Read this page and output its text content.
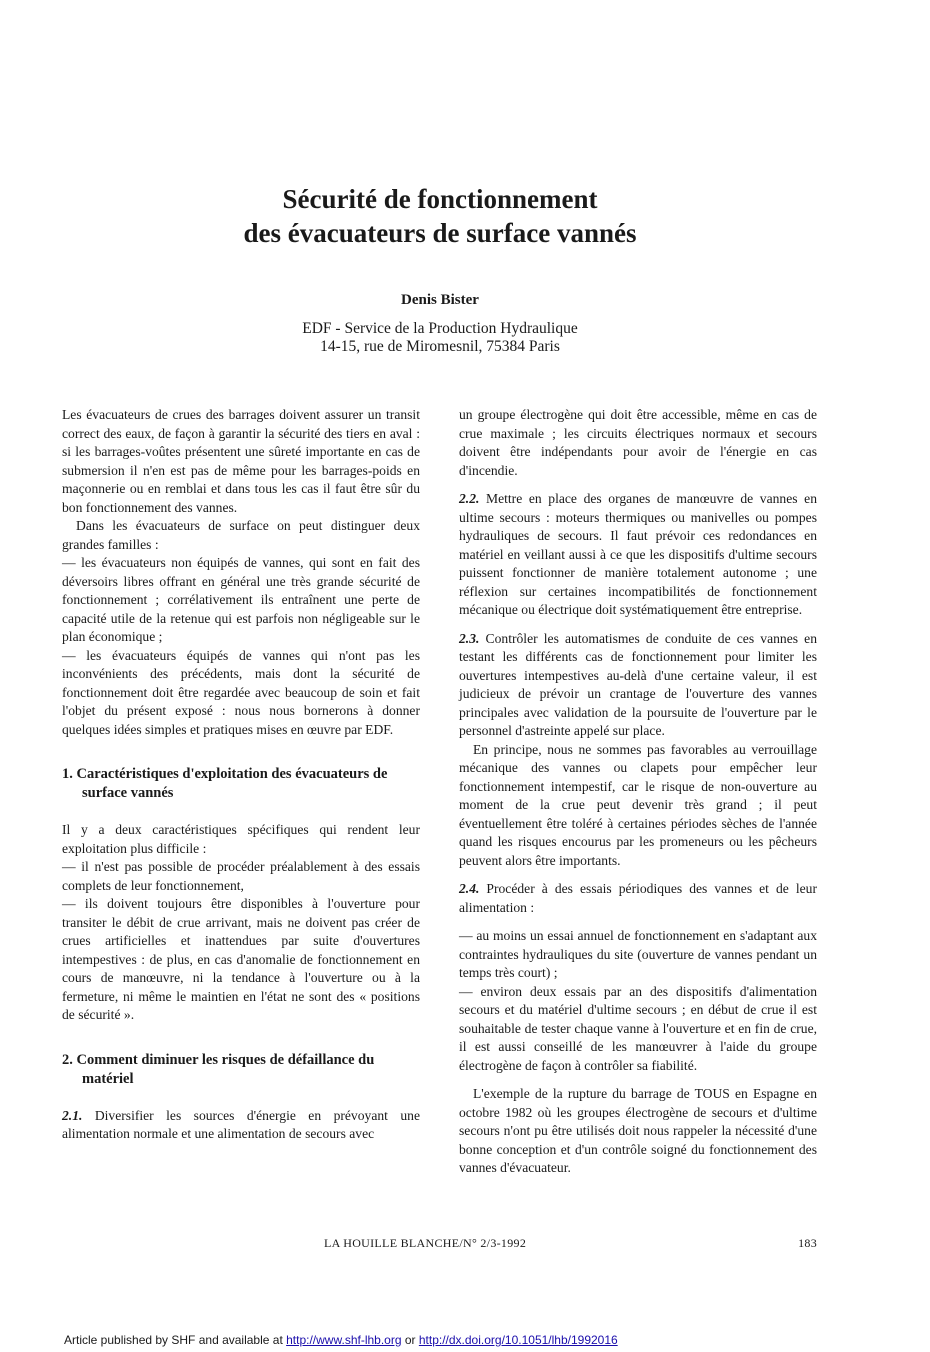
Sécurité de fonctionnement
des évacuateurs de surface vannés
Denis Bister
EDF - Service de la Production Hydraulique
14-15, rue de Miromesnil, 75384 Paris

Les évacuateurs de crues des barrages doivent assurer un transit correct des eaux, de façon à garantir la sécurité des tiers en aval : si les barrages-voûtes présentent une sûreté importante en cas de submersion il n'en est pas de même pour les barrages-poids en maçonnerie ou en remblai et dans tous les cas il faut être sûr du bon fonctionnement des vannes.

Dans les évacuateurs de surface on peut distinguer deux grandes familles :

— les évacuateurs non équipés de vannes, qui sont en fait des déversoirs libres offrant en général une très grande sécurité de fonctionnement ; corrélativement ils entraînent une perte de capacité utile de la retenue qui est parfois non négligeable sur le plan économique ;

— les évacuateurs équipés de vannes qui n'ont pas les inconvénients des précédents, mais dont la sécurité de fonctionnement doit être regardée avec beaucoup de soin et fait l'objet du présent exposé : nous nous bornerons à donner quelques idées simples et pratiques mises en œuvre par EDF.

1. Caractéristiques d'exploitation des évacuateurs de surface vannés

Il y a deux caractéristiques spécifiques qui rendent leur exploitation plus difficile :

— il n'est pas possible de procéder préalablement à des essais complets de leur fonctionnement,

— ils doivent toujours être disponibles à l'ouverture pour transiter le débit de crue arrivant, mais ne doivent pas créer de crues artificielles et inattendues par suite d'ouvertures intempestives : de plus, en cas d'anomalie de fonctionnement en cours de manœuvre, ni la tendance à l'ouverture ou à la fermeture, ni même le maintien en l'état ne sont des « positions de sécurité ».

2. Comment diminuer les risques de défaillance du matériel

2.1. Diversifier les sources d'énergie en prévoyant une alimentation normale et une alimentation de secours avec

un groupe électrogène qui doit être accessible, même en cas de crue maximale ; les circuits électriques normaux et secours doivent être indépendants pour avoir de l'énergie en cas d'incendie.

2.2. Mettre en place des organes de manœuvre de vannes en ultime secours : moteurs thermiques ou manivelles ou pompes hydrauliques de secours. Il faut prévoir ces redondances en matériel en veillant aussi à ce que les dispositifs d'ultime secours puissent fonctionner de manière totalement autonome ; une réflexion sur certaines incompatibilités de fonctionnement mécanique ou électrique doit systématiquement être entreprise.

2.3. Contrôler les automatismes de conduite de ces vannes en testant les différents cas de fonctionnement pour limiter les ouvertures intempestives au-delà d'une certaine valeur, il est judicieux de prévoir un crantage de l'ouverture des vannes principales avec validation de la poursuite de l'ouverture par le personnel d'astreinte appelé sur place.

En principe, nous ne sommes pas favorables au verrouillage mécanique des vannes ou clapets pour empêcher leur fonctionnement intempestif, car le risque de non-ouverture au moment de la crue peut devenir très grand ; il peut éventuellement être toléré à certaines périodes sèches de l'année quand les risques encourus par les promeneurs ou les pêcheurs peuvent alors être importants.

2.4. Procéder à des essais périodiques des vannes et de leur alimentation :

— au moins un essai annuel de fonctionnement en s'adaptant aux contraintes hydrauliques du site (ouverture de vannes pendant un temps très court) ;

— environ deux essais par an des dispositifs d'alimentation secours et du matériel d'ultime secours ; en début de crue il est souhaitable de tester chaque vanne à l'ouverture et en fin de crue, il est aussi conseillé de les manœuvrer à l'aide du groupe électrogène de façon à contrôler sa fiabilité.

L'exemple de la rupture du barrage de TOUS en Espagne en octobre 1982 où les groupes électrogène de secours et d'ultime secours n'ont pu être utilisés doit nous rappeler la nécessité d'une bonne conception et d'un contrôle soigné du fonctionnement des vannes d'évacuateur.

LA HOUILLE BLANCHE/N° 2/3-1992	183
Article published by SHF and available at http://www.shf-lhb.org or http://dx.doi.org/10.1051/lhb/1992016
